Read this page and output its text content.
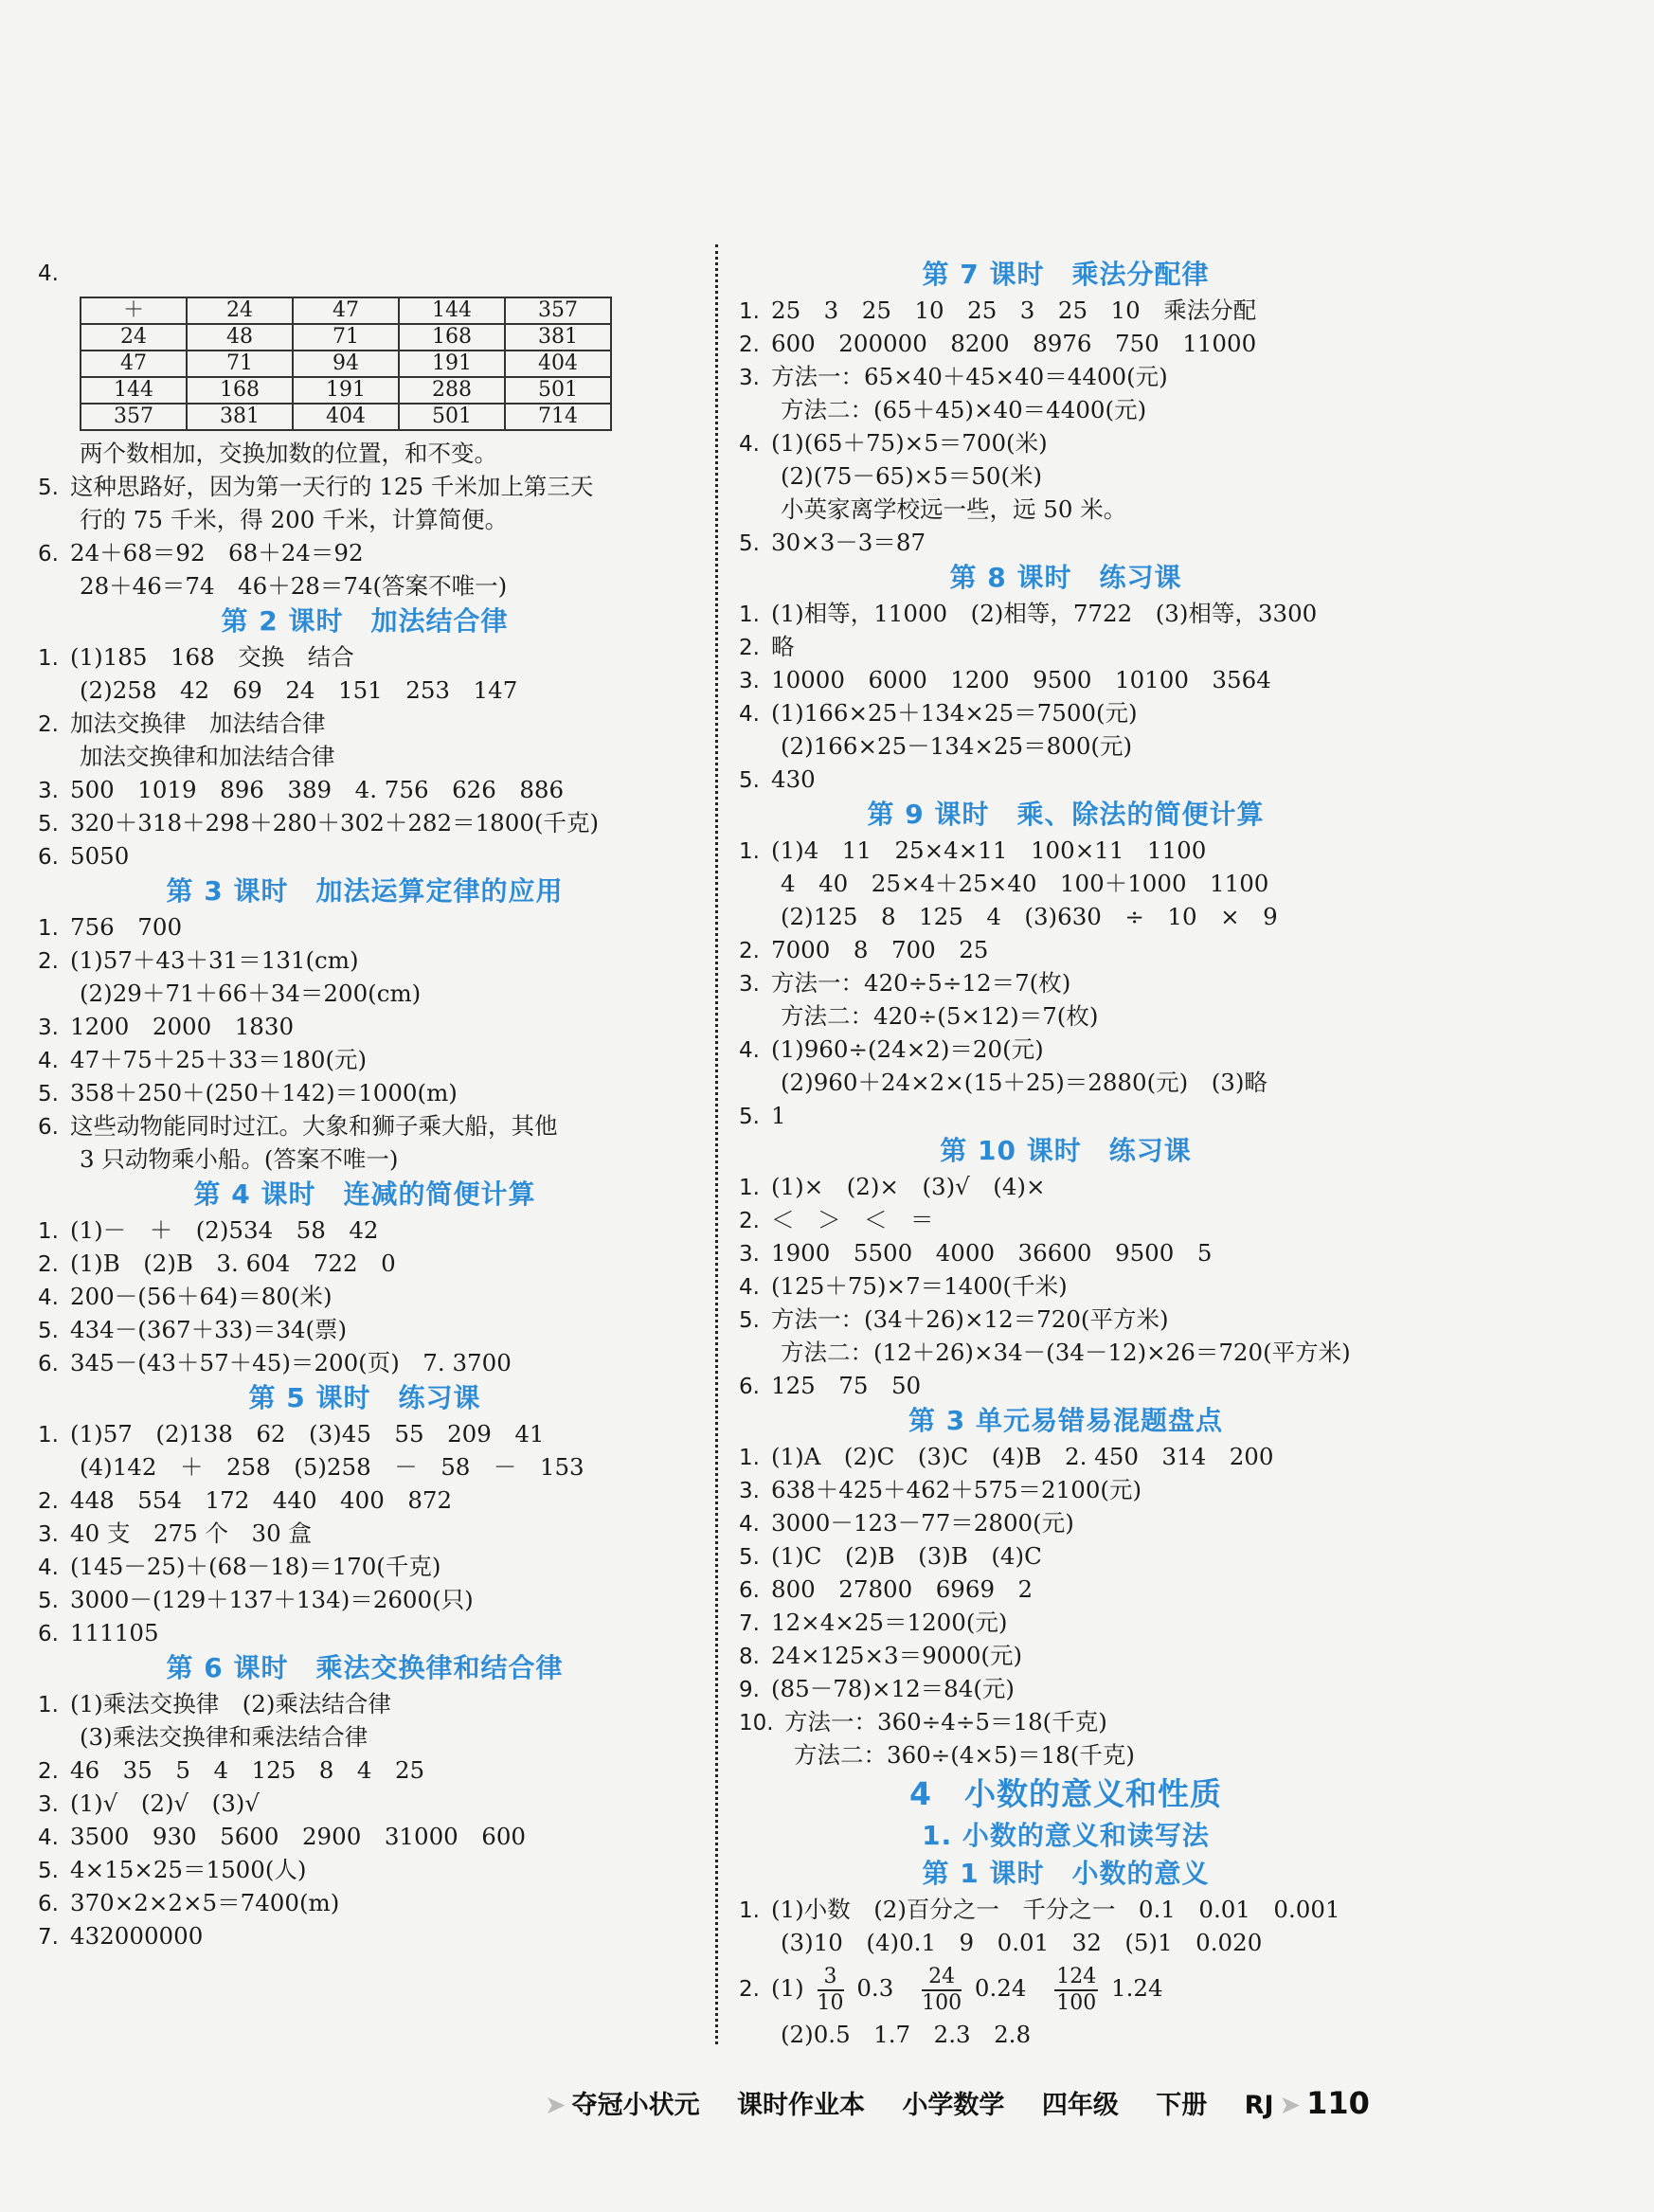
4.
＋	24	47	144	357
24	48	71	168	381
47	71	94	191	404
144	168	191	288	501
357	381	404	501	714
两个数相加，交换加数的位置，和不变。
5. 这种思路好，因为第一天行的 125 千米加上第三天
行的 75 千米，得 200 千米，计算简便。
6. 24＋68＝92　68＋24＝92
28＋46＝74　46＋28＝74(答案不唯一)
第 2 课时　加法结合律
1. (1)185　168　交换　结合
(2)258　42　69　24　151　253　147
2. 加法交换律　加法结合律
加法交换律和加法结合律
3. 500　1019　896　389　4. 756　626　886
5. 320＋318＋298＋280＋302＋282＝1800(千克)
6. 5050
第 3 课时　加法运算定律的应用
1. 756　700
2. (1)57＋43＋31＝131(cm)
(2)29＋71＋66＋34＝200(cm)
3. 1200　2000　1830
4. 47＋75＋25＋33＝180(元)
5. 358＋250＋(250＋142)＝1000(m)
6. 这些动物能同时过江。大象和狮子乘大船，其他
3 只动物乘小船。(答案不唯一)
第 4 课时　连减的简便计算
1. (1)－　＋　(2)534　58　42
2. (1)B　(2)B　3. 604　722　0
4. 200－(56＋64)＝80(米)
5. 434－(367＋33)＝34(票)
6. 345－(43＋57＋45)＝200(页)　7. 3700
第 5 课时　练习课
1. (1)57　(2)138　62　(3)45　55　209　41
(4)142　＋　258　(5)258　－　58　－　153
2. 448　554　172　440　400　872
3. 40 支　275 个　30 盒
4. (145－25)＋(68－18)＝170(千克)
5. 3000－(129＋137＋134)＝2600(只)
6. 111105
第 6 课时　乘法交换律和结合律
1. (1)乘法交换律　(2)乘法结合律
(3)乘法交换律和乘法结合律
2. 46　35　5　4　125　8　4　25
3. (1)√　(2)√　(3)√
4. 3500　930　5600　2900　31000　600
5. 4×15×25＝1500(人)
6. 370×2×2×5＝7400(m)
7. 432000000
第 7 课时　乘法分配律
1. 25　3　25　10　25　3　25　10　乘法分配
2. 600　200000　8200　8976　750　11000
3. 方法一：65×40＋45×40＝4400(元)
方法二：(65＋45)×40＝4400(元)
4. (1)(65＋75)×5＝700(米)
(2)(75－65)×5＝50(米)
小英家离学校远一些，远 50 米。
5. 30×3－3＝87
第 8 课时　练习课
1. (1)相等，11000　(2)相等，7722　(3)相等，3300
2. 略
3. 10000　6000　1200　9500　10100　3564
4. (1)166×25＋134×25＝7500(元)
(2)166×25－134×25＝800(元)
5. 430
第 9 课时　乘、除法的简便计算
1. (1)4　11　25×4×11　100×11　1100
4　40　25×4＋25×40　100＋1000　1100
(2)125　8　125　4　(3)630　÷　10　×　9
2. 7000　8　700　25
3. 方法一：420÷5÷12＝7(枚)
方法二：420÷(5×12)＝7(枚)
4. (1)960÷(24×2)＝20(元)
(2)960＋24×2×(15＋25)＝2880(元)　(3)略
5. 1
第 10 课时　练习课
1. (1)×　(2)×　(3)√　(4)×
2. ＜　＞　＜　＝
3. 1900　5500　4000　36600　9500　5
4. (125＋75)×7＝1400(千米)
5. 方法一：(34＋26)×12＝720(平方米)
方法二：(12＋26)×34－(34－12)×26＝720(平方米)
6. 125　75　50
第 3 单元易错易混题盘点
1. (1)A　(2)C　(3)C　(4)B　2. 450　314　200
3. 638＋425＋462＋575＝2100(元)
4. 3000－123－77＝2800(元)
5. (1)C　(2)B　(3)B　(4)C
6. 800　27800　6969　2
7. 12×4×25＝1200(元)
8. 24×125×3＝9000(元)
9. (85－78)×12＝84(元)
10. 方法一：360÷4÷5＝18(千克)
方法二：360÷(4×5)＝18(千克)
4　小数的意义和性质
1. 小数的意义和读写法
第 1 课时　小数的意义
1. (1)小数　(2)百分之一　千分之一　0.1　0.01　0.001
(3)10　(4)0.1　9　0.01　32　(5)1　0.020
2. $(1) \frac{3}{10} 0.3 \frac{24}{100} 0.24 \frac{124}{100} 1.24$
(2)0.5　1.7　2.3　2.8
➤ 夺冠小状元 课时作业本 小学数学 四年级 下册 RJ ➤ 110
